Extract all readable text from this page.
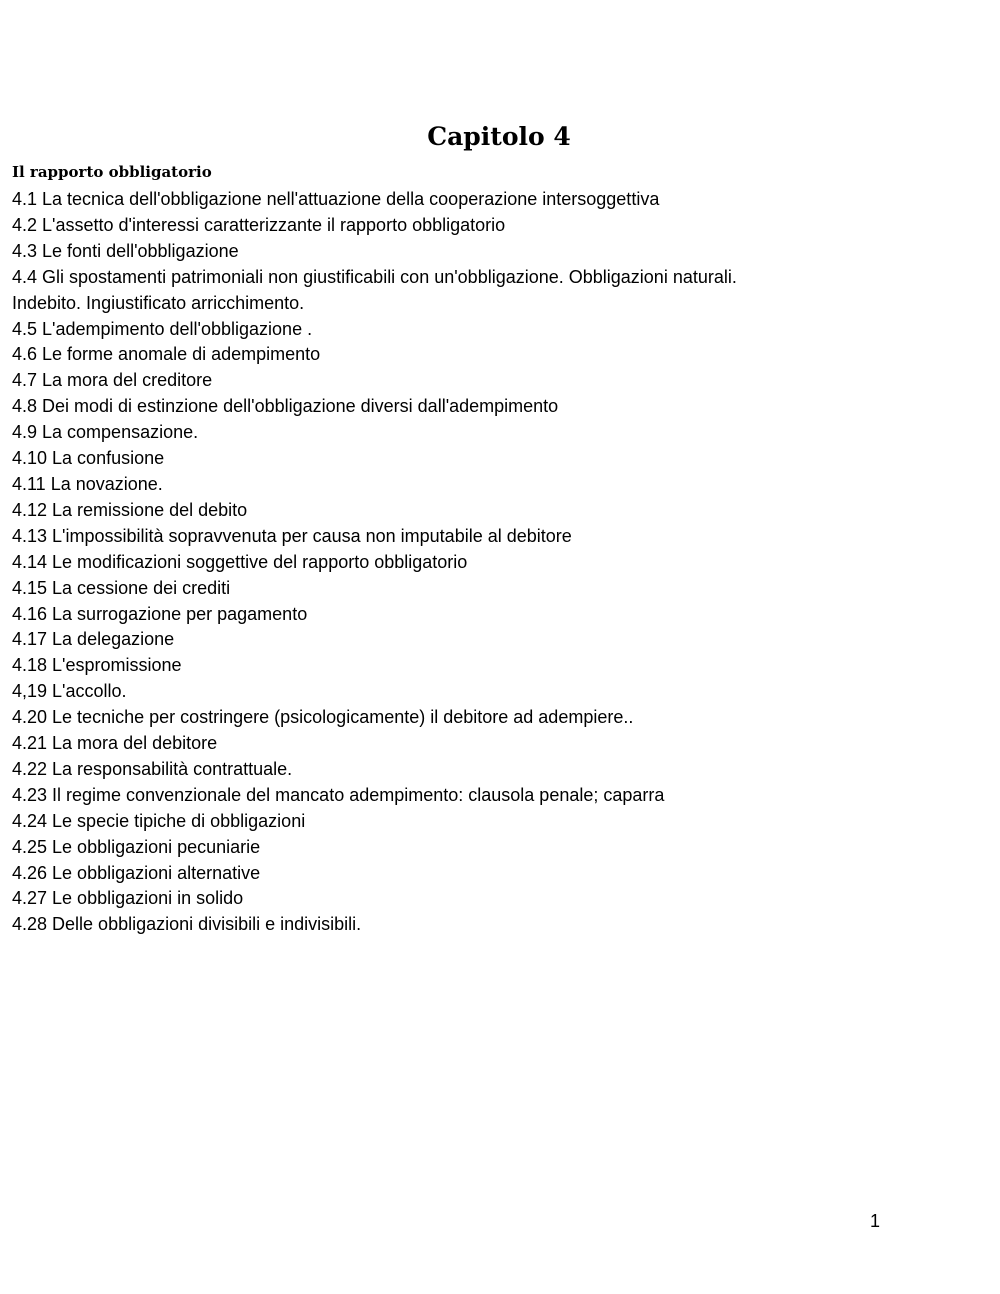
Capitolo 4
Il rapporto obbligatorio
4.1 La tecnica dell'obbligazione nell'attuazione della cooperazione intersoggettiva
4.2 L'assetto d'interessi caratterizzante il rapporto obbligatorio
4.3 Le fonti dell'obbligazione
4.4 Gli spostamenti patrimoniali non giustificabili con un'obbligazione. Obbligazioni naturali.
Indebito. Ingiustificato arricchimento.
4.5 L'adempimento dell'obbligazione .
4.6 Le forme anomale di adempimento
4.7 La mora del creditore
4.8 Dei modi di estinzione dell'obbligazione diversi dall'adempimento
4.9 La compensazione.
4.10 La confusione
4.11 La novazione.
4.12 La remissione del debito
4.13 L'impossibilità sopravvenuta per causa non imputabile al debitore
4.14 Le modificazioni soggettive del rapporto obbligatorio
4.15 La cessione dei crediti
4.16 La surrogazione per pagamento
4.17 La delegazione
4.18 L'espromissione
4,19 L'accollo.
4.20 Le tecniche per costringere (psicologicamente) il debitore ad adempiere..
4.21 La mora del debitore
4.22 La responsabilità contrattuale.
4.23 Il regime convenzionale del mancato adempimento: clausola penale; caparra
4.24 Le specie tipiche di obbligazioni
4.25 Le obbligazioni pecuniarie
4.26 Le obbligazioni alternative
4.27 Le obbligazioni in solido
4.28 Delle obbligazioni divisibili e indivisibili.
1
